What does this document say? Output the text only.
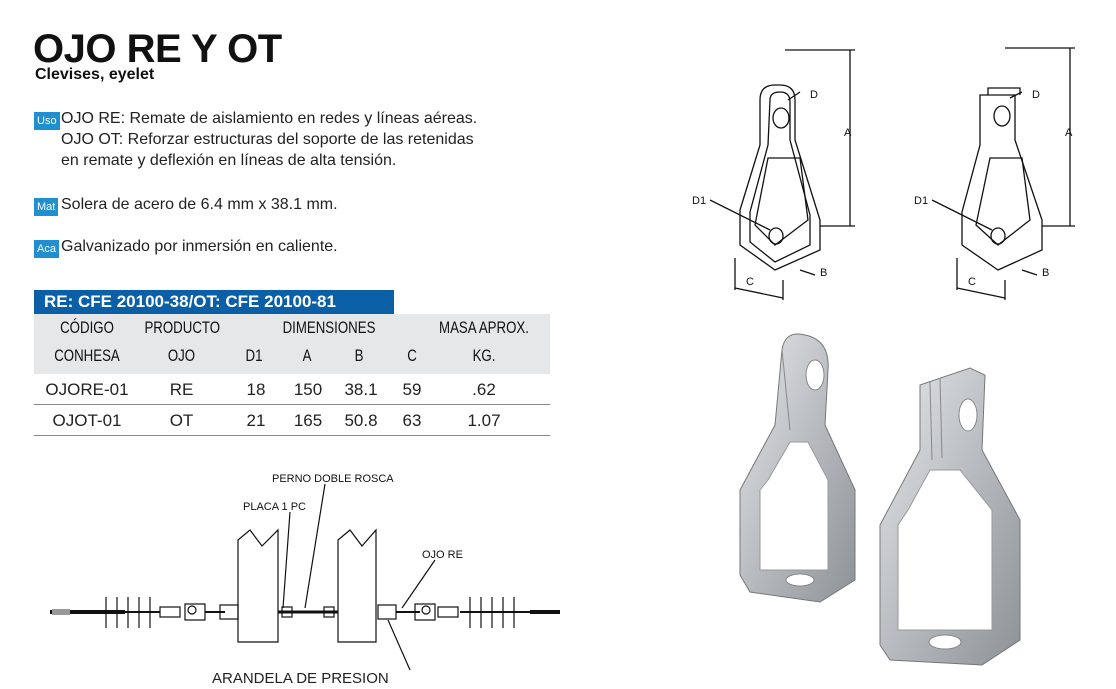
OJO RE Y OT
Clevises, eyelet
Uso OJO RE: Remate de aislamiento en redes y líneas aéreas.
OJO OT: Reforzar estructuras del soporte de las retenidas
en remate y deflexión en líneas de alta tensión.
Mat Solera de acero de 6.4 mm x 38.1 mm.
Aca Galvanizado por inmersión en caliente.
RE: CFE 20100-38/OT: CFE 20100-81
CÓDIGO
CONHESA
PRODUCTO
OJO
DIMENSIONES
D1	A	B	C
MASA APROX.
KG.
OJORE-01	RE	18	150	38.1	59	.62
OJOT-01	OT	21	165	50.8	63	1.07
PERNO DOBLE ROSCA
PLACA 1 PC
OJO RE
ARANDELA DE PRESION
D
A
D1
B
C
D
A
D1
B
C
